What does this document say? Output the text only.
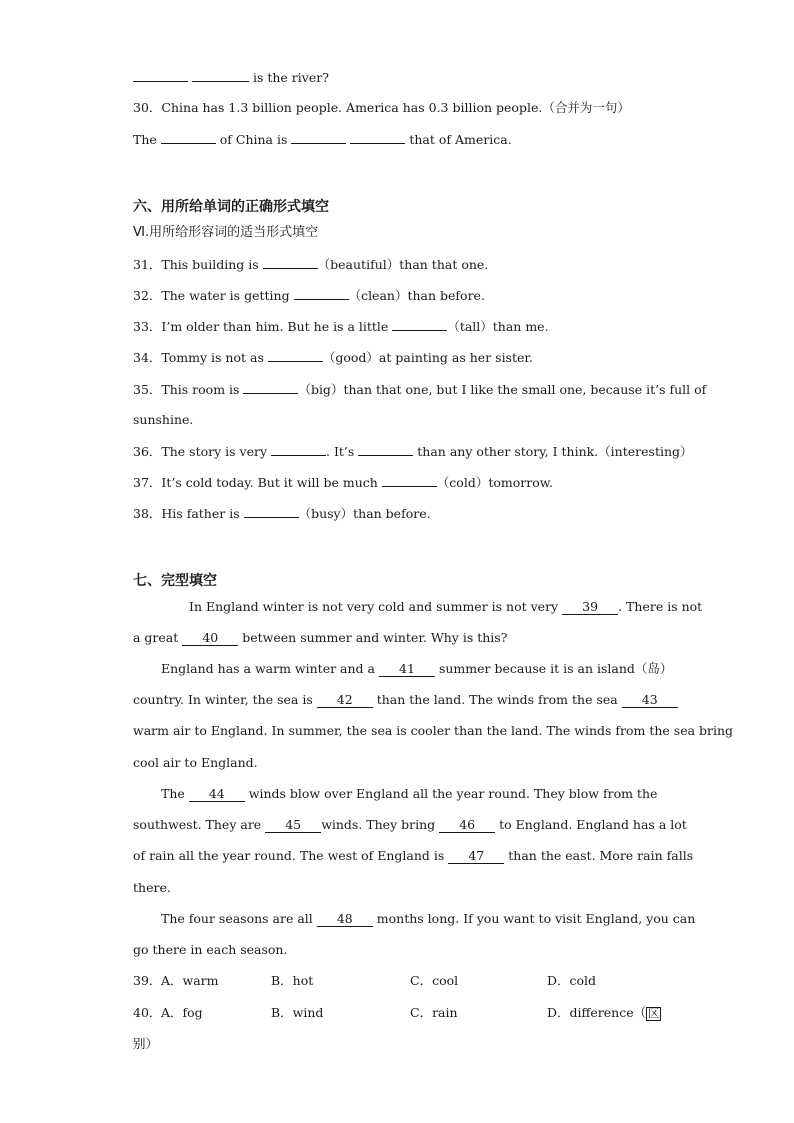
is the river?
30．China has 1.3 billion people. America has 0.3 billion people.（合并为一句）
The	of China is	that of America.
六、用所给单词的正确形式填空
Ⅵ.用所给形容词的适当形式填空
31．This building is	（beautiful）than that one.
32．The water is getting	（clean）than before.
33．I’m older than him. But he is a little	（tall）than me.
34．Tommy is not as	（good）at painting as her sister.
35．This room is	（big）than that one, but I like the small one, because it’s full of
sunshine.
36．The story is very	. It’s	than any other story, I think.（interesting）
37．It’s cold today. But it will be much	（cold）tomorrow.
38．His father is	（busy）than before.
七、完型填空
In England winter is not very cold and summer is not very 39 . There is not
a great 40 between summer and winter. Why is this?
England has a warm winter and a 41 summer because it is an island（岛）
country. In winter, the sea is 42 than the land. The winds from the sea 43
warm air to England. In summer, the sea is cooler than the land. The winds from the sea bring
cool air to England.
The 44 winds blow over England all the year round. They blow from the
southwest. They are 45 winds. They bring 46 to England. England has a lot
of rain all the year round. The west of England is 47 than the east. More rain falls
there.
The four seasons are all 48 months long. If you want to visit England, you can
go there in each season.
39． A．warm	B．hot	C．cool	D．cold
40． A．fog	B．wind	C．rain	D．difference（ 区
别）
